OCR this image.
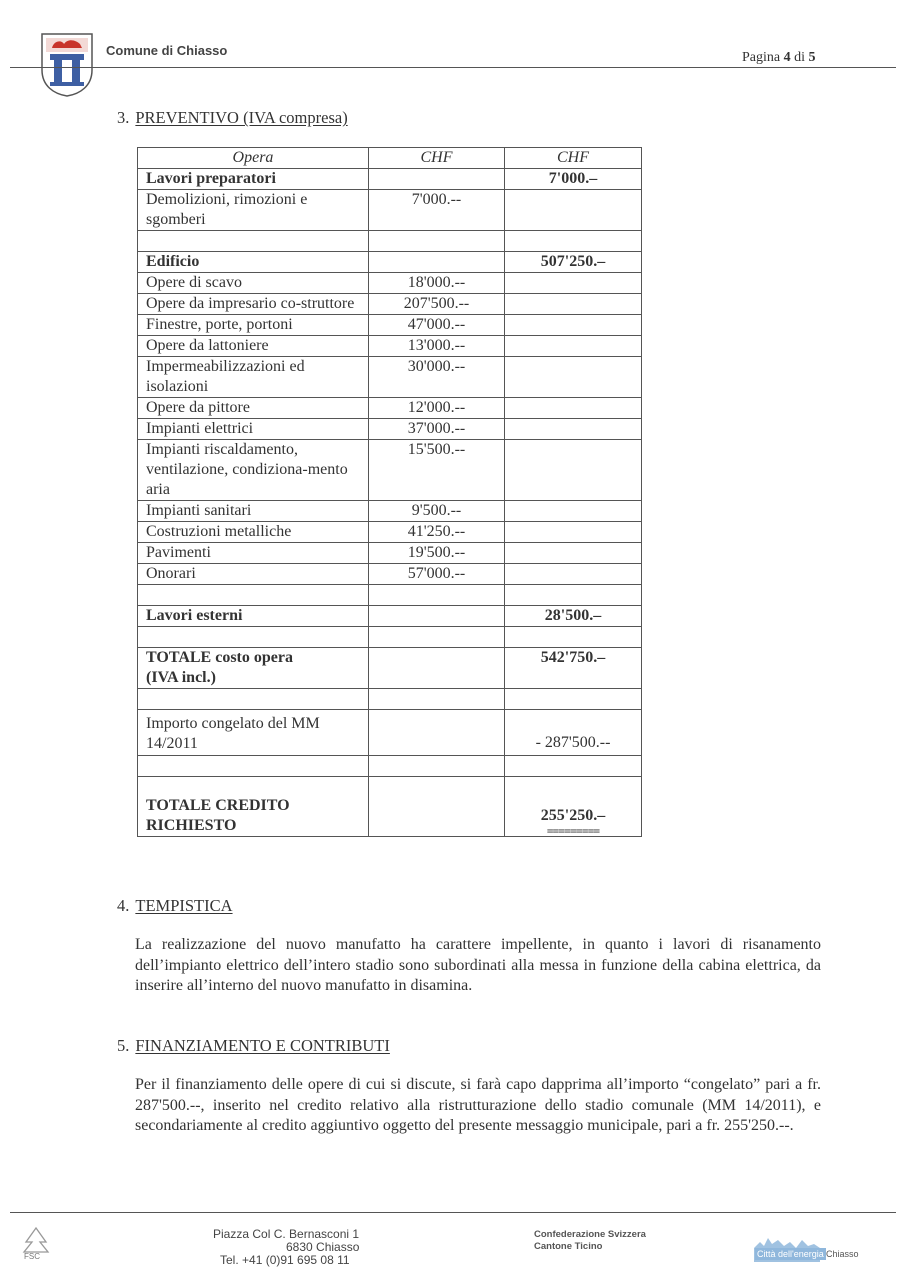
Comune di Chiasso	Pagina 4 di 5
3. PREVENTIVO (IVA compresa)
Opera	CHF	CHF
Lavori preparatori		7'000.–
Demolizioni, rimozioni e sgomberi	7'000.--	

Edificio		507'250.–
Opere di scavo	18'000.--	
Opere da impresario co-struttore	207'500.--	
Finestre, porte, portoni	47'000.--	
Opere da lattoniere	13'000.--	
Impermeabilizzazioni ed isolazioni	30'000.--	
Opere da pittore	12'000.--	
Impianti elettrici	37'000.--	
Impianti riscaldamento, ventilazione, condiziona-mento aria	15'500.--	
Impianti sanitari	9'500.--	
Costruzioni metalliche	41'250.--	
Pavimenti	19'500.--	
Onorari	57'000.--	

Lavori esterni		28'500.–

TOTALE costo opera (IVA incl.)		542'750.–

Importo congelato del MM 14/2011		- 287'500.--

TOTALE CREDITO RICHIESTO		255'250.–
=========
4. TEMPISTICA
La realizzazione del nuovo manufatto ha carattere impellente, in quanto i lavori di risanamento dell’impianto elettrico dell’intero stadio sono subordinati alla messa in funzione della cabina elettrica, da inserire all’interno del nuovo manufatto in disamina.
5. FINANZIAMENTO E CONTRIBUTI
Per il finanziamento delle opere di cui si discute, si farà capo dapprima all’importo “congelato” pari a fr. 287'500.--, inserito nel credito relativo alla ristrutturazione dello stadio comunale (MM 14/2011), e secondariamente al credito aggiuntivo oggetto del presente messaggio municipale, pari a fr. 255'250.--.
FSC
Piazza Col C. Bernasconi 1
6830 Chiasso
Tel. +41 (0)91 695 08 11
Confederazione Svizzera
Cantone Ticino
Città dell'energia Chiasso
